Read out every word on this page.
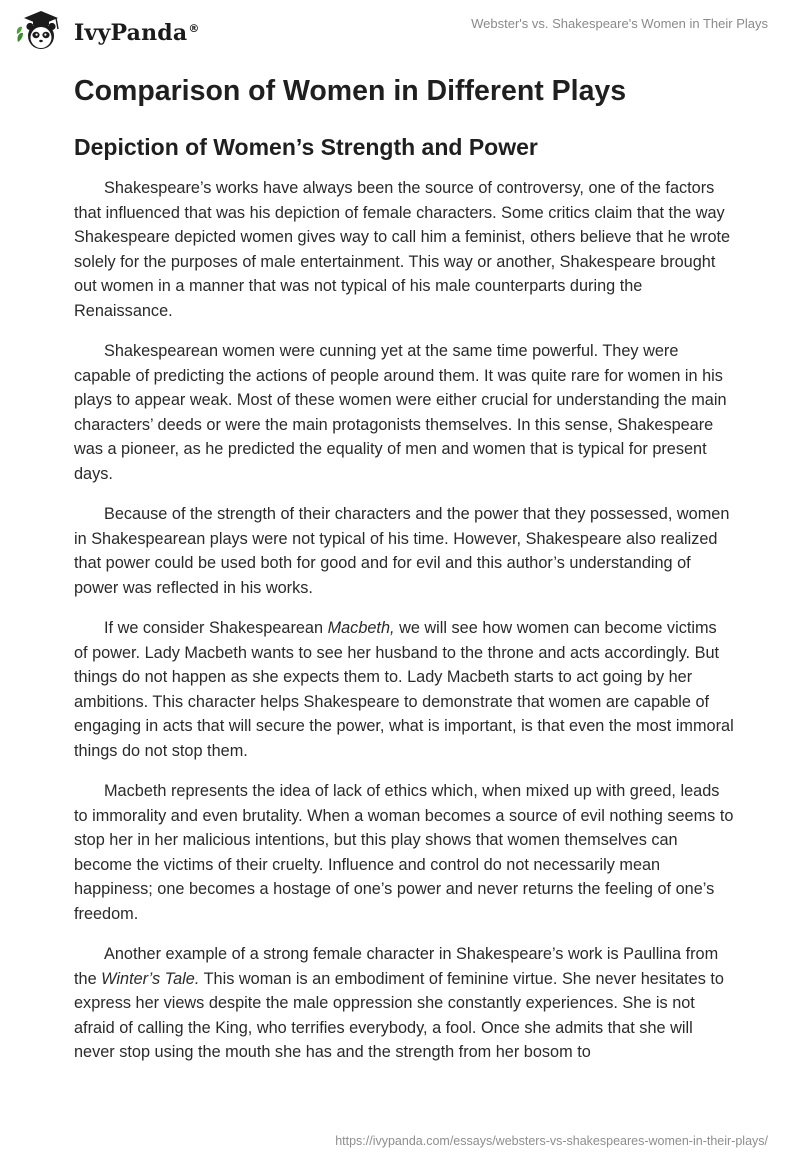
IvyPanda®	Webster's vs. Shakespeare's Women in Their Plays
Comparison of Women in Different Plays
Depiction of Women’s Strength and Power

Shakespeare’s works have always been the source of controversy, one of the factors that influenced that was his depiction of female characters. Some critics claim that the way Shakespeare depicted women gives way to call him a feminist, others believe that he wrote solely for the purposes of male entertainment. This way or another, Shakespeare brought out women in a manner that was not typical of his male counterparts during the Renaissance.

Shakespearean women were cunning yet at the same time powerful. They were capable of predicting the actions of people around them. It was quite rare for women in his plays to appear weak. Most of these women were either crucial for understanding the main characters’ deeds or were the main protagonists themselves. In this sense, Shakespeare was a pioneer, as he predicted the equality of men and women that is typical for present days.

Because of the strength of their characters and the power that they possessed, women in Shakespearean plays were not typical of his time. However, Shakespeare also realized that power could be used both for good and for evil and this author’s understanding of power was reflected in his works.

If we consider Shakespearean Macbeth, we will see how women can become victims of power. Lady Macbeth wants to see her husband to the throne and acts accordingly. But things do not happen as she expects them to. Lady Macbeth starts to act going by her ambitions. This character helps Shakespeare to demonstrate that women are capable of engaging in acts that will secure the power, what is important, is that even the most immoral things do not stop them.

Macbeth represents the idea of lack of ethics which, when mixed up with greed, leads to immorality and even brutality. When a woman becomes a source of evil nothing seems to stop her in her malicious intentions, but this play shows that women themselves can become the victims of their cruelty. Influence and control do not necessarily mean happiness; one becomes a hostage of one’s power and never returns the feeling of one’s freedom.

Another example of a strong female character in Shakespeare’s work is Paullina from the Winter’s Tale. This woman is an embodiment of feminine virtue. She never hesitates to express her views despite the male oppression she constantly experiences. She is not afraid of calling the King, who terrifies everybody, a fool. Once she admits that she will never stop using the mouth she has and the strength from her bosom to

https://ivypanda.com/essays/websters-vs-shakespeares-women-in-their-plays/
